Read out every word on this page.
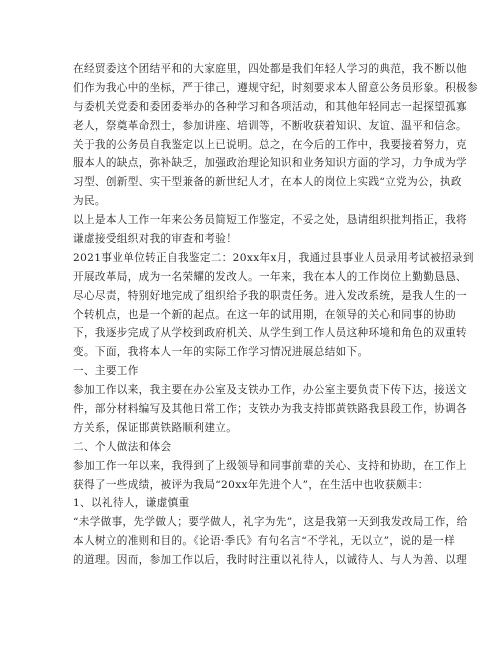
在经贸委这个团结平和的大家庭里，四处都是我们年轻人学习的典范，我不断以他
们作为我心中的坐标，严于律己，遵规守纪，时刻要求本人留意公务员形象。积极参
与委机关党委和委团委举办的各种学习和各项活动，和其他年轻同志一起探望孤寡
老人，祭奠革命烈士，参加讲座、培训等，不断收获着知识、友谊、温平和信念。
关于我的公务员自我鉴定以上已说明。总之，在今后的工作中，我要接着努力，克
服本人的缺点，弥补缺乏，加强政治理论知识和业务知识方面的学习，力争成为学
习型、创新型、实干型兼备的新世纪人才，在本人的岗位上实践“立党为公，执政
为民。
以上是本人工作一年来公务员简短工作鉴定，不妥之处，恳请组织批判指正，我将
谦虚接受组织对我的审查和考验！
2021事业单位转正自我鉴定二：20xx年x月，我通过县事业人员录用考试被招录到
开展改革局，成为一名荣耀的发改人。一年来，我在本人的工作岗位上勤勤恳恳、
尽心尽责，特别好地完成了组织给予我的职责任务。进入发改系统，是我人生的一
个转机点，也是一个新的起点。在这一年的试用期，在领导的关心和同事的协助
下，我逐步完成了从学校到政府机关、从学生到工作人员这种环境和角色的双重转
变。下面，我将本人一年的实际工作学习情况进展总结如下。
一、主要工作
参加工作以来，我主要在办公室及支铁办工作，办公室主要负责下传下达，接送文
件，部分材料编写及其他日常工作；支铁办为我支持邯黄铁路我县段工作，协调各
方关系，保证邯黄铁路顺利建立。
二、个人做法和体会
参加工作一年以来，我得到了上级领导和同事前辈的关心、支持和协助，在工作上
获得了一些成绩，被评为我局“20xx年先进个人”，在生活中也收获颇丰：
1、以礼待人，谦虚慎重
“未学做事，先学做人；要学做人，礼字为先”，这是我第一天到我发改局工作，给
本人树立的准则和目的。《论语·季氏》有句名言“不学礼，无以立”，说的是一样
的道理。因而，参加工作以后，我时时注重以礼待人，以诚待人、与人为善、以理
